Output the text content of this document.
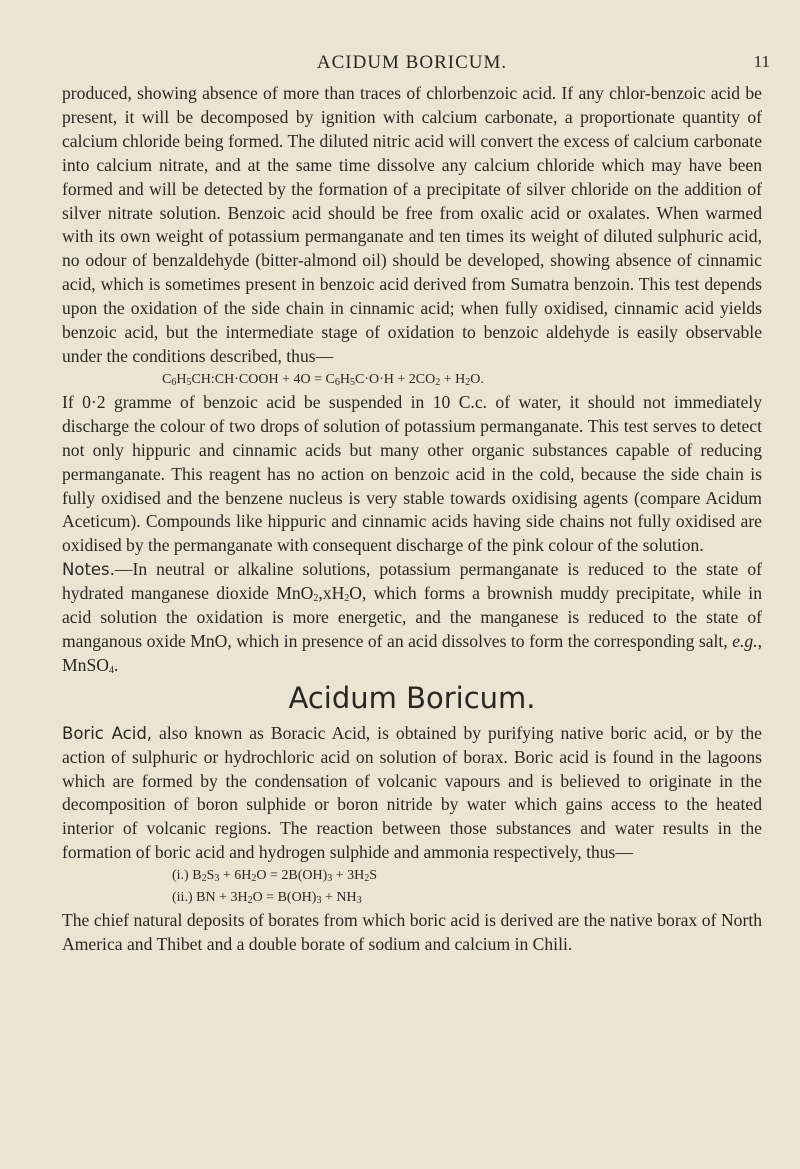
ACIDUM BORICUM.	11

produced, showing absence of more than traces of chlorbenzoic acid. If any chlor-benzoic acid be present, it will be decomposed by ignition with calcium carbonate, a proportionate quantity of calcium chloride being formed. The diluted nitric acid will convert the excess of calcium carbonate into calcium nitrate, and at the same time dissolve any calcium chloride which may have been formed and will be detected by the formation of a precipitate of silver chloride on the addition of silver nitrate solution. Benzoic acid should be free from oxalic acid or oxalates. When warmed with its own weight of potassium permanganate and ten times its weight of diluted sulphuric acid, no odour of benzaldehyde (bitter-almond oil) should be developed, showing absence of cinnamic acid, which is sometimes present in benzoic acid derived from Sumatra benzoin. This test depends upon the oxidation of the side chain in cinnamic acid; when fully oxidised, cinnamic acid yields benzoic acid, but the intermediate stage of oxidation to benzoic aldehyde is easily observable under the conditions described, thus—

$C_6H_5CH:CH\cdot COOH + 4O = C_6H_5C\cdot O\cdot H + 2CO_2 + H_2O$.

If 0·2 gramme of benzoic acid be suspended in 10 C.c. of water, it should not immediately discharge the colour of two drops of solution of potassium permanganate. This test serves to detect not only hippuric and cinnamic acids but many other organic substances capable of reducing permanganate. This reagent has no action on benzoic acid in the cold, because the side chain is fully oxidised and the benzene nucleus is very stable towards oxidising agents (compare Acidum Aceticum). Compounds like hippuric and cinnamic acids having side chains not fully oxidised are oxidised by the permanganate with consequent discharge of the pink colour of the solution.

Notes.—In neutral or alkaline solutions, potassium permanganate is reduced to the state of hydrated manganese dioxide $MnO_2,xH_2O$, which forms a brownish muddy precipitate, while in acid solution the oxidation is more energetic, and the manganese is reduced to the state of manganous oxide MnO, which in presence of an acid dissolves to form the corresponding salt, e.g., MnSO$_4$.

Acidum Boricum.

Boric Acid, also known as Boracic Acid, is obtained by purifying native boric acid, or by the action of sulphuric or hydrochloric acid on solution of borax. Boric acid is found in the lagoons which are formed by the condensation of volcanic vapours and is believed to originate in the decomposition of boron sulphide or boron nitride by water which gains access to the heated interior of volcanic regions. The reaction between those substances and water results in the formation of boric acid and hydrogen sulphide and ammonia respectively, thus—

(i.) $B_2S_3 + 6H_2O = 2B(OH)_3 + 3H_2S$

(ii.) BN + $3H_2O = B(OH)_3 + NH_3$

The chief natural deposits of borates from which boric acid is derived are the native borax of North America and Thibet and a double borate of sodium and calcium in Chili.
